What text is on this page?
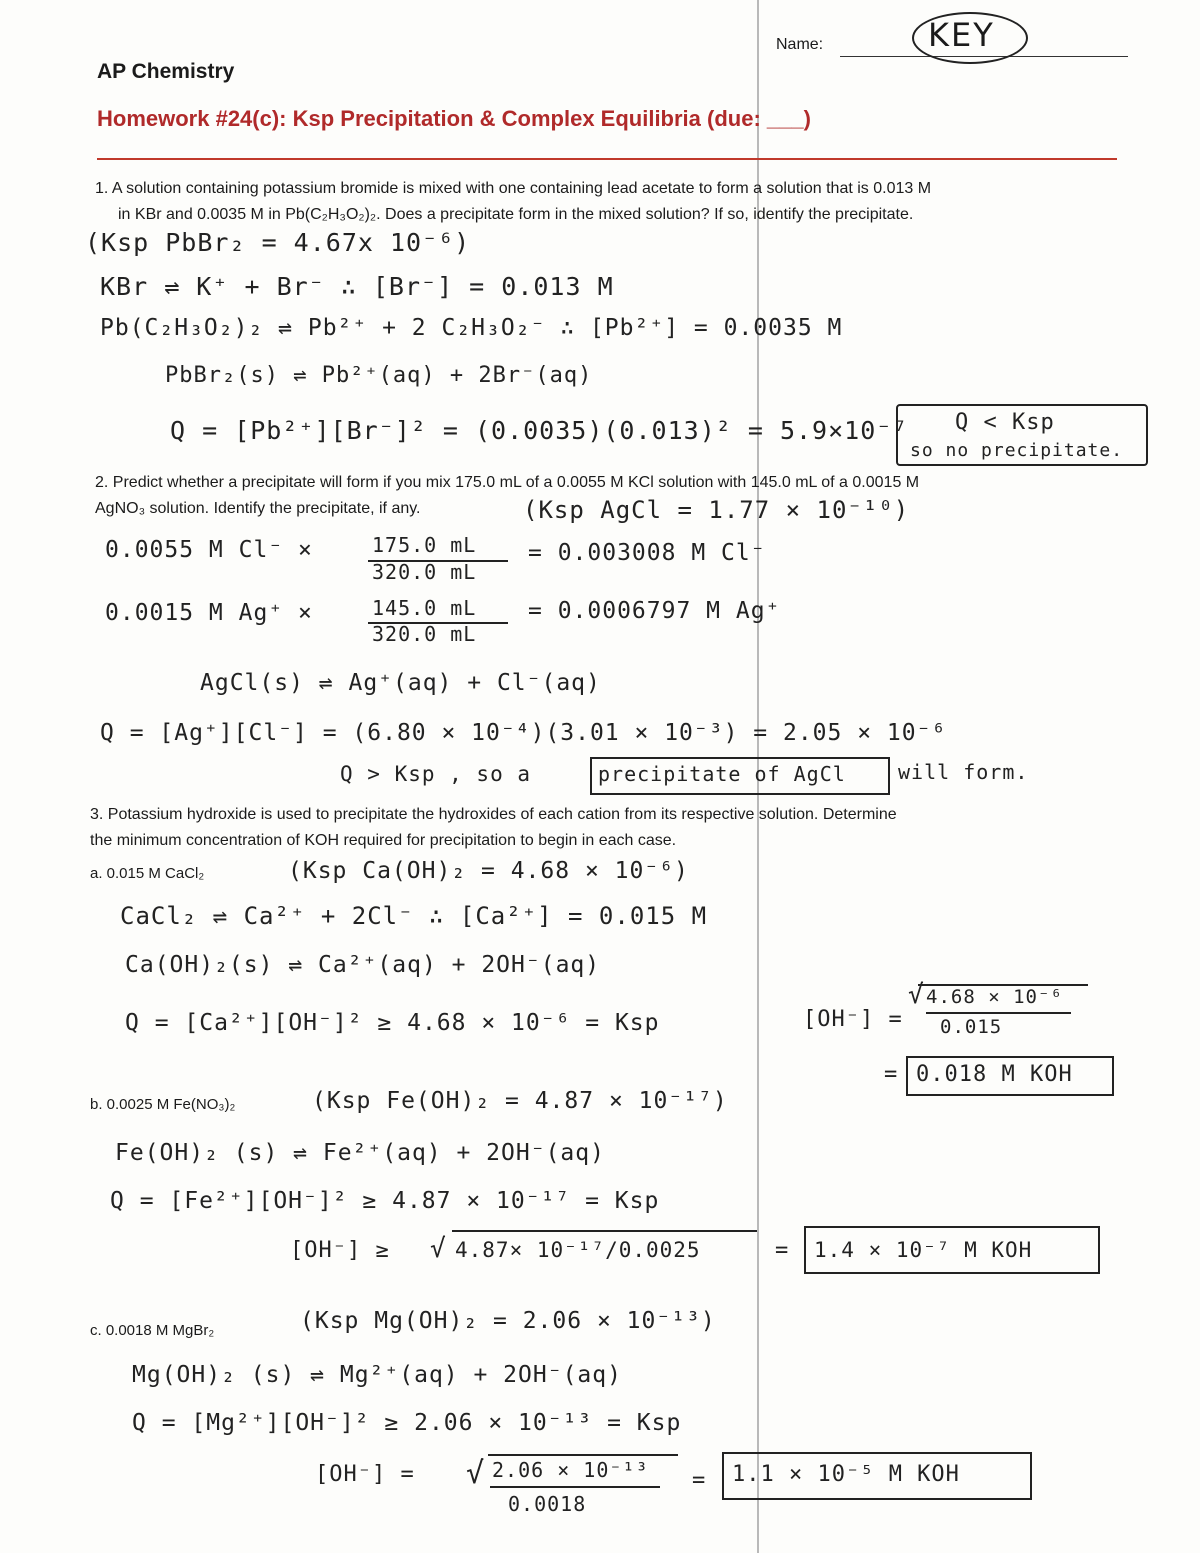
Name:	KEY
AP Chemistry
Homework #24(c): Ksp Precipitation & Complex Equilibria (due: ___)
1. A solution containing potassium bromide is mixed with one containing lead acetate to form a solution that is 0.013 M
in KBr and 0.0035 M in Pb(C₂H₃O₂)₂. Does a precipitate form in the mixed solution? If so, identify the precipitate.
(Ksp PbBr₂ = 4.67x 10⁻⁶)
KBr ⇌ K⁺ + Br⁻ ∴ [Br⁻] = 0.013 M
Pb(C₂H₃O₂)₂ ⇌ Pb²⁺ + 2 C₂H₃O₂⁻ ∴ [Pb²⁺] = 0.0035 M
PbBr₂(s) ⇌ Pb²⁺(aq) + 2Br⁻(aq)
Q = [Pb²⁺][Br⁻]² = (0.0035)(0.013)² = 5.9×10⁻⁷ Q < Ksp
so no precipitate.
2. Predict whether a precipitate will form if you mix 175.0 mL of a 0.0055 M KCl solution with 145.0 mL of a 0.0015 M
AgNO₃ solution. Identify the precipitate, if any.	(Ksp AgCl = 1.77 × 10⁻¹⁰)
0.0055 M Cl⁻ ×	175.0 mL
320.0 mL
= 0.003008 M Cl⁻
0.0015 M Ag⁺ ×	145.0 mL
320.0 mL
= 0.0006797 M Ag⁺
AgCl(s) ⇌ Ag⁺(aq) + Cl⁻(aq)
Q = [Ag⁺][Cl⁻] = (6.80 × 10⁻⁴)(3.01 × 10⁻³) = 2.05 × 10⁻⁶
Q > Ksp , so a	precipitate of AgCl	will form.
3. Potassium hydroxide is used to precipitate the hydroxides of each cation from its respective solution. Determine
the minimum concentration of KOH required for precipitation to begin in each case.
a. 0.015 M CaCl₂	(Ksp Ca(OH)₂ = 4.68 × 10⁻⁶)
CaCl₂ ⇌ Ca²⁺ + 2Cl⁻ ∴ [Ca²⁺] = 0.015 M
Ca(OH)₂(s) ⇌ Ca²⁺(aq) + 2OH⁻(aq)
Q = [Ca²⁺][OH⁻]² ≥ 4.68 × 10⁻⁶ = Ksp	[OH⁻] =
√ 4.68 × 10⁻⁶
0.015
= 0.018 M KOH
b. 0.0025 M Fe(NO₃)₂	(Ksp Fe(OH)₂ = 4.87 × 10⁻¹⁷)
Fe(OH)₂ (s) ⇌ Fe²⁺(aq) + 2OH⁻(aq)
Q = [Fe²⁺][OH⁻]² ≥ 4.87 × 10⁻¹⁷ = Ksp
[OH⁻] ≥ √ 4.87× 10⁻¹⁷/0.0025	= 1.4 × 10⁻⁷ M KOH
c. 0.0018 M MgBr₂	(Ksp Mg(OH)₂ = 2.06 × 10⁻¹³)
Mg(OH)₂ (s) ⇌ Mg²⁺(aq) + 2OH⁻(aq)
Q = [Mg²⁺][OH⁻]² ≥ 2.06 × 10⁻¹³ = Ksp
[OH⁻] = √ 2.06 × 10⁻¹³
0.0018
= 1.1 × 10⁻⁵ M KOH
